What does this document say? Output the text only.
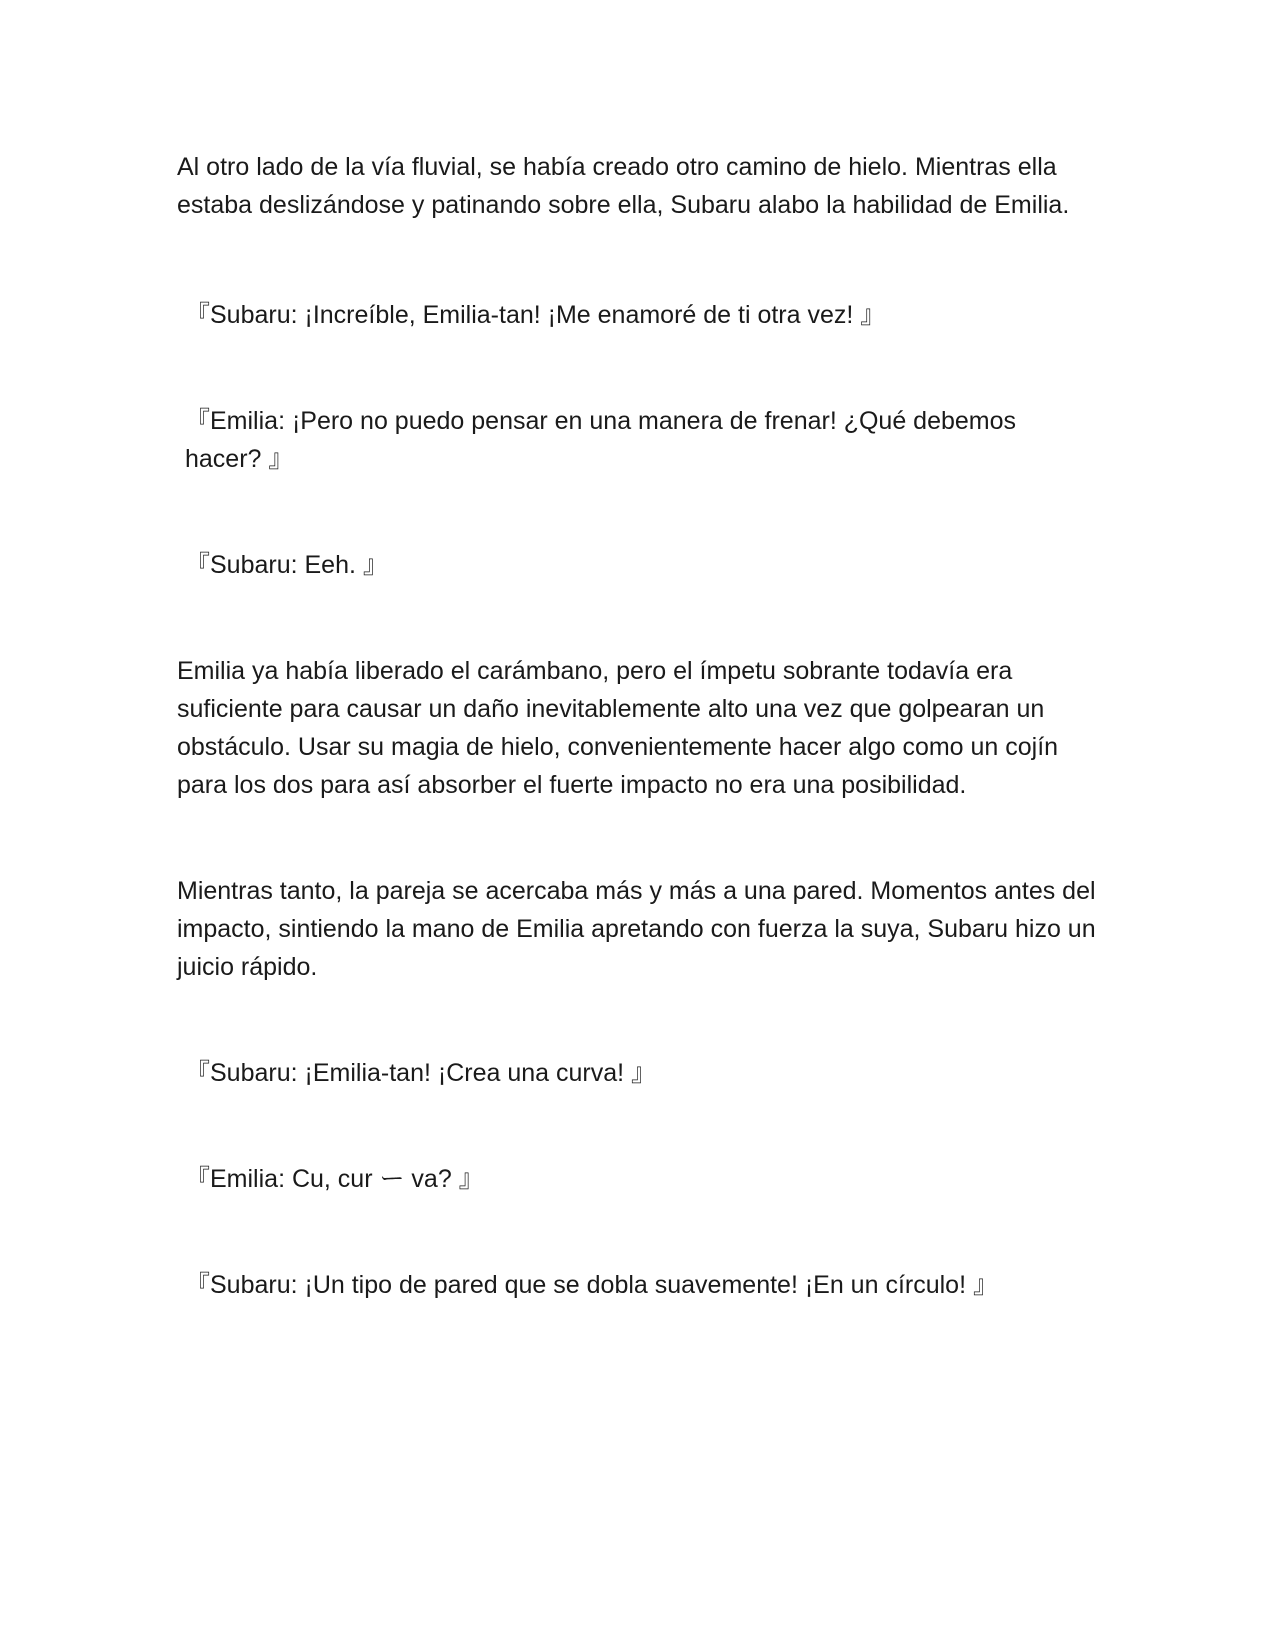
Al otro lado de la vía fluvial, se había creado otro camino de hielo. Mientras ella estaba deslizándose y patinando sobre ella, Subaru alabo la habilidad de Emilia.

『Subaru: ¡Increíble, Emilia-tan! ¡Me enamoré de ti otra vez! 』

『Emilia: ¡Pero no puedo pensar en una manera de frenar! ¿Qué debemos hacer? 』

『Subaru: Eeh. 』

Emilia ya había liberado el carámbano, pero el ímpetu sobrante todavía era suficiente para causar un daño inevitablemente alto una vez que golpearan un obstáculo. Usar su magia de hielo, convenientemente hacer algo como un cojín para los dos para así absorber el fuerte impacto no era una posibilidad.

Mientras tanto, la pareja se acercaba más y más a una pared. Momentos antes del impacto, sintiendo la mano de Emilia apretando con fuerza la suya, Subaru hizo un juicio rápido.

『Subaru: ¡Emilia-tan! ¡Crea una curva! 』

『Emilia: Cu, cur ー va? 』

『Subaru: ¡Un tipo de pared que se dobla suavemente! ¡En un círculo! 』
